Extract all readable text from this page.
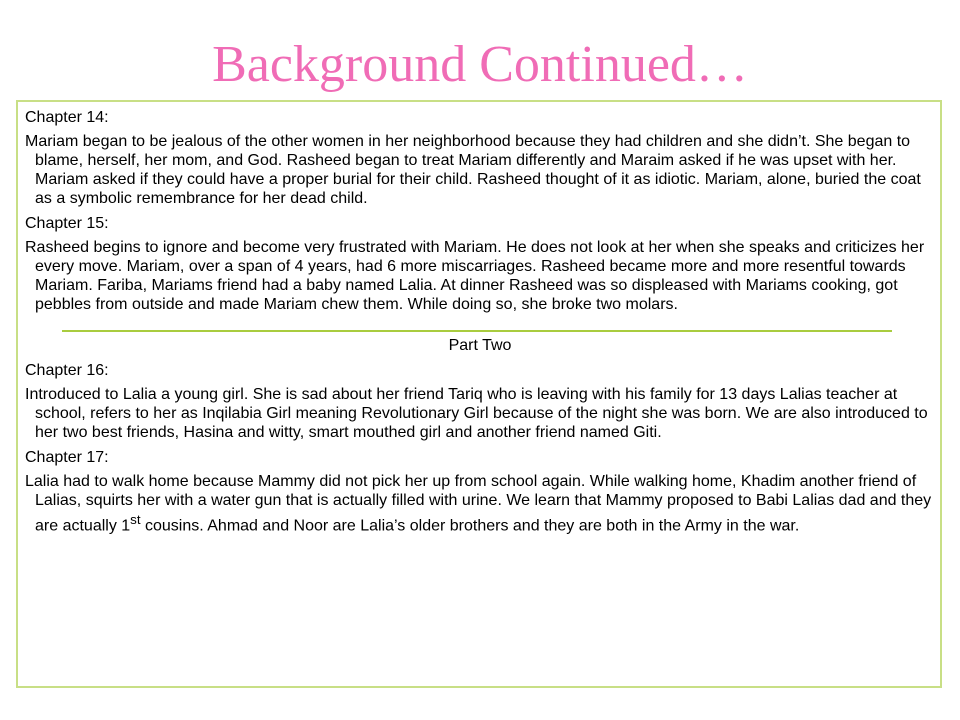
Background Continued…

Chapter 14:

Mariam began to be jealous of the other women in her neighborhood because they had children and she didn’t. She began to blame, herself, her mom, and God. Rasheed began to treat Mariam differently and Maraim asked if he was upset with her. Mariam asked if they could have a proper burial for their child. Rasheed thought of it as idiotic. Mariam, alone, buried the coat as a symbolic remembrance for her dead child.

Chapter 15:

Rasheed begins to ignore and become very frustrated with Mariam. He does not look at her when she speaks and criticizes her every move. Mariam, over a span of 4 years, had 6 more miscarriages. Rasheed became more and more resentful towards Mariam. Fariba, Mariams friend had a baby named Lalia. At dinner Rasheed was so displeased with Mariams cooking, got pebbles from outside and made Mariam chew them. While doing so, she broke two molars.

Part Two

Chapter 16:

Introduced to Lalia a young girl. She is sad about her friend Tariq who is leaving with his family for 13 days Lalias teacher at school, refers to her as Inqilabia Girl meaning Revolutionary Girl because of the night she was born. We are also introduced to her two best friends, Hasina and witty, smart mouthed girl and another friend named Giti.

Chapter 17:

Lalia had to walk home because Mammy did not pick her up from school again. While walking home, Khadim another friend of Lalias, squirts her with a water gun that is actually filled with urine. We learn that Mammy proposed to Babi Lalias dad and they are actually 1st cousins. Ahmad and Noor are Lalia’s older brothers and they are both in the Army in the war.
